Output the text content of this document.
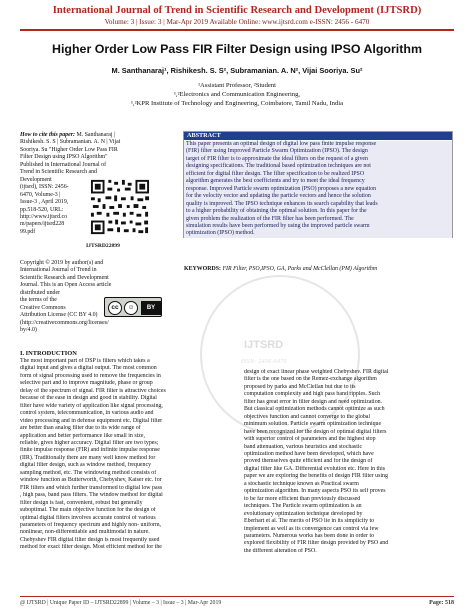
International Journal of Trend in Scientific Research and Development (IJTSRD)
Volume: 3 | Issue: 3 | Mar-Apr 2019 Available Online: www.ijtsrd.com e-ISSN: 2456 - 6470
Higher Order Low Pass FIR Filter Design using IPSO Algorithm
M. Santhanaraj¹, Rishikesh. S. S², Subramanian. A. N², Vijai Sooriya. Su²
¹Assistant Professor, ²Student
¹,²Electronics and Communication Engineering,
¹,²KPR Institute of Technology and Engineering, Coimbatore, Tamil Nadu, India

How to cite this paper: M. Santhanaraj |

Rishikesh. S. S | Subramanian. A. N | Vijai

Sooriya. Su "Higher Order Low Pass FIR

Filter Design using IPSO Algorithm"

Published in International Journal of

Trend in Scientific Research and

Development

(ijtsrd), ISSN: 2456-

6470, Volume-3 |

Issue-3 , April 2019,

pp.518-520, URL:

http://www.ijtsrd.co

m/papers/ijtsrd228

99.pdf

IJTSRD22899
ABSTRACT
This paper presents an optimal design of digital low pass finite impulse response
(FIR) filter using Improved Particle Swarm Optimization (IPSO). The design
target of FIR filter is to approximate the ideal filters on the request of a given
designing specifications. The traditional based optimization techniques are not
efficient for digital filter design. The filter specification to be realized IPSO
algorithm generates the best coefficients and try to meet the ideal frequency
response. Improved Particle swarm optimization (PSO) proposes a new equation
for the velocity vector and updating the particle vectors and hence the solution
quality is improved. The IPSO technique enhances its search capability that leads
to a higher probability of obtaining the optimal solution. In this paper for the
given problem the realization of the FIR filter has been performed. The
simulation results have been performed by using the improved particle swarm
optimization (IPSO) method.
IJTSRD
ISSN: 2456-6470
KEYWORDS: FIR Filter, PSO,IPSO, GA, Parks and McClellan (PM) Algorithm

Copyright © 2019 by author(s) and

International Journal of Trend in

Scientific Research and Development

Journal. This is an Open Access article

distributed under

the terms of the

Creative Commons

Attribution License (CC BY 4.0)

(http://creativecommons.org/licenses/

by/4.0)

cc	☺	BY
I. INTRODUCTION
The most important part of DSP is filters which takes a
digital input and gives a digital output. The most common
form of signal processing used to remove the frequencies in
selective part and to improve magnitude, phase or group
delay of the spectrum of signal. FIR filter is attractive choices
because of the ease in design and good in stability. Digital
filter have wide variety of application like signal processing,
control system, telecommunication, in various audio and
video processing and in defense equipment etc. Digital filter
are better than analog filter due to its wide range of
application and better performance like small in size,
reliable, gives higher accuracy. Digital filter are two types;
finite impulse response (FIR) and infinite impulse response
(IIR). Traditionally there are many well know method for
digital filter design, such as window method, frequency
sampling method, etc. The windowing method consists of
window function as Butterworth, Chebyshev, Kaiser etc. for
FIR filters and which further transformed to digital low pass
, high pass, band pass filters. The window method for digital
filter design is fast, convenient, robust but generally
suboptimal. The main objective function for the design of
optimal digital filters involves accurate control of various
parameters of frequency spectrum and highly non- uniform,
nonlinear, non-differentiable and multimodal in nature.
Chebyshev FIR digital filter design is most frequently used
method for exact filter design. Most efficient method for the
design of exact linear phase weighted Chebyshev. FIR digital
filter is the one based on the Remez-exchange algorithm
proposed by parks and McClellan but due to its
computation complexity and high pass band ripples. Such
filter has great error in filter design and need optimization.
But classical optimization methods cannot optimize as such
objectives function and cannot converge to the global
minimum solution. Particle swarm optimization technique
have been recognized for the design of optimal digital filters
with superior control of parameters and the highest stop
band attenuation, various heuristics and stochastic
optimization method have been developed, which have
proved themselves quite efficient and for the design of
digital filter like GA. Differential evolution etc. Here in this
paper we are exploring the benefits of design FIR filter using
a stochastic technique known as Practical swarm
optimization algorithm. In many aspects PSO its self proves
to be far more efficient than previously discussed
techniques. The Particle swarm optimization is an
evolutionary optimization technique developed by
Eberhart et al. The merits of PSO lie in its simplicity to
implement as well as its convergence can control via few
parameters. Numerous works has been done in order to
explored flexibility of FIR filter design provided by PSO and
the different alteration of PSO.
@ IJTSRD | Unique Paper ID – IJTSRD22899 | Volume – 3 | Issue – 3 | Mar-Apr 2019	Page: 518
